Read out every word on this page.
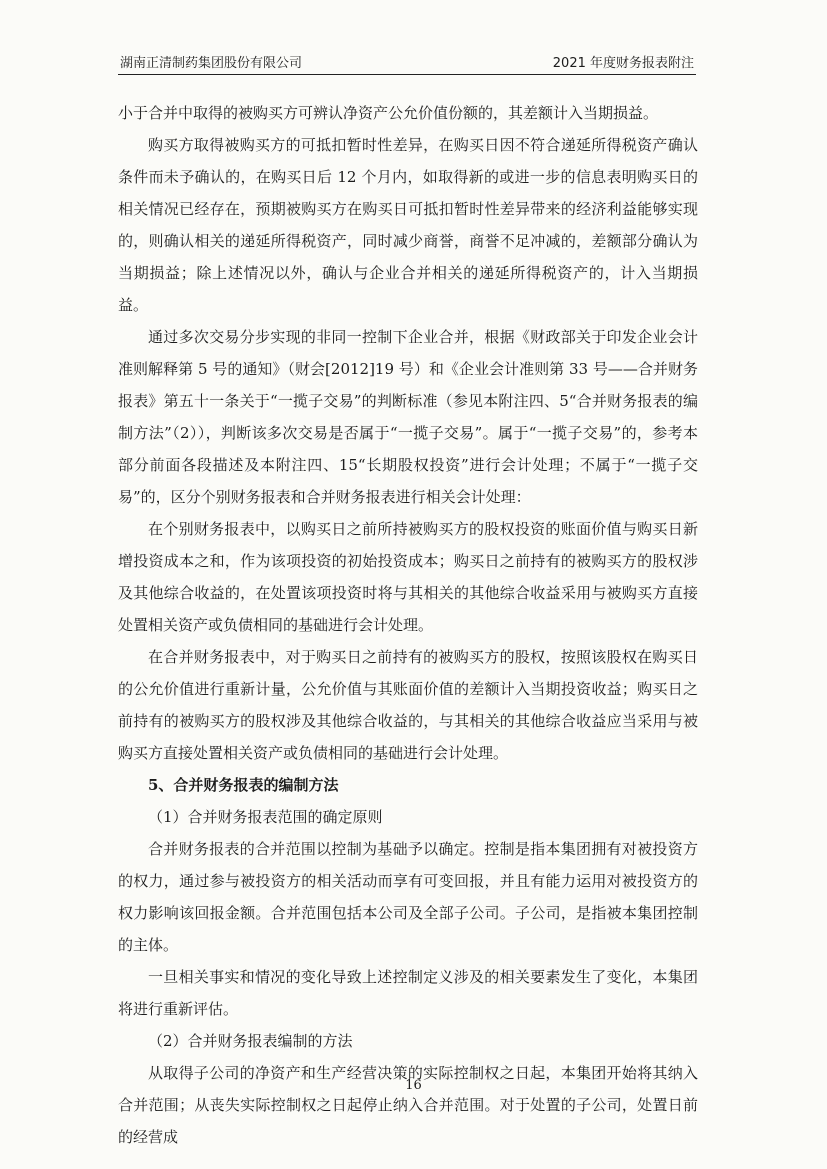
湖南正清制药集团股份有限公司	2021 年度财务报表附注

小于合并中取得的被购买方可辨认净资产公允价值份额的，其差额计入当期损益。

购买方取得被购买方的可抵扣暂时性差异，在购买日因不符合递延所得税资产确认条件而未予确认的，在购买日后 12 个月内，如取得新的或进一步的信息表明购买日的相关情况已经存在，预期被购买方在购买日可抵扣暂时性差异带来的经济利益能够实现的，则确认相关的递延所得税资产，同时减少商誉，商誉不足冲减的，差额部分确认为当期损益；除上述情况以外，确认与企业合并相关的递延所得税资产的，计入当期损益。

通过多次交易分步实现的非同一控制下企业合并，根据《财政部关于印发企业会计准则解释第 5 号的通知》（财会[2012]19 号）和《企业会计准则第 33 号——合并财务报表》第五十一条关于“一揽子交易”的判断标准（参见本附注四、5“合并财务报表的编制方法”（2）），判断该多次交易是否属于“一揽子交易”。属于“一揽子交易”的，参考本部分前面各段描述及本附注四、15“长期股权投资”进行会计处理；不属于“一揽子交易”的，区分个别财务报表和合并财务报表进行相关会计处理：

在个别财务报表中，以购买日之前所持被购买方的股权投资的账面价值与购买日新增投资成本之和，作为该项投资的初始投资成本；购买日之前持有的被购买方的股权涉及其他综合收益的，在处置该项投资时将与其相关的其他综合收益采用与被购买方直接处置相关资产或负债相同的基础进行会计处理。

在合并财务报表中，对于购买日之前持有的被购买方的股权，按照该股权在购买日的公允价值进行重新计量，公允价值与其账面价值的差额计入当期投资收益；购买日之前持有的被购买方的股权涉及其他综合收益的，与其相关的其他综合收益应当采用与被购买方直接处置相关资产或负债相同的基础进行会计处理。

5、合并财务报表的编制方法

（1）合并财务报表范围的确定原则

合并财务报表的合并范围以控制为基础予以确定。控制是指本集团拥有对被投资方的权力，通过参与被投资方的相关活动而享有可变回报，并且有能力运用对被投资方的权力影响该回报金额。合并范围包括本公司及全部子公司。子公司，是指被本集团控制的主体。

一旦相关事实和情况的变化导致上述控制定义涉及的相关要素发生了变化，本集团将进行重新评估。

（2）合并财务报表编制的方法

从取得子公司的净资产和生产经营决策的实际控制权之日起，本集团开始将其纳入合并范围；从丧失实际控制权之日起停止纳入合并范围。对于处置的子公司，处置日前的经营成

16
